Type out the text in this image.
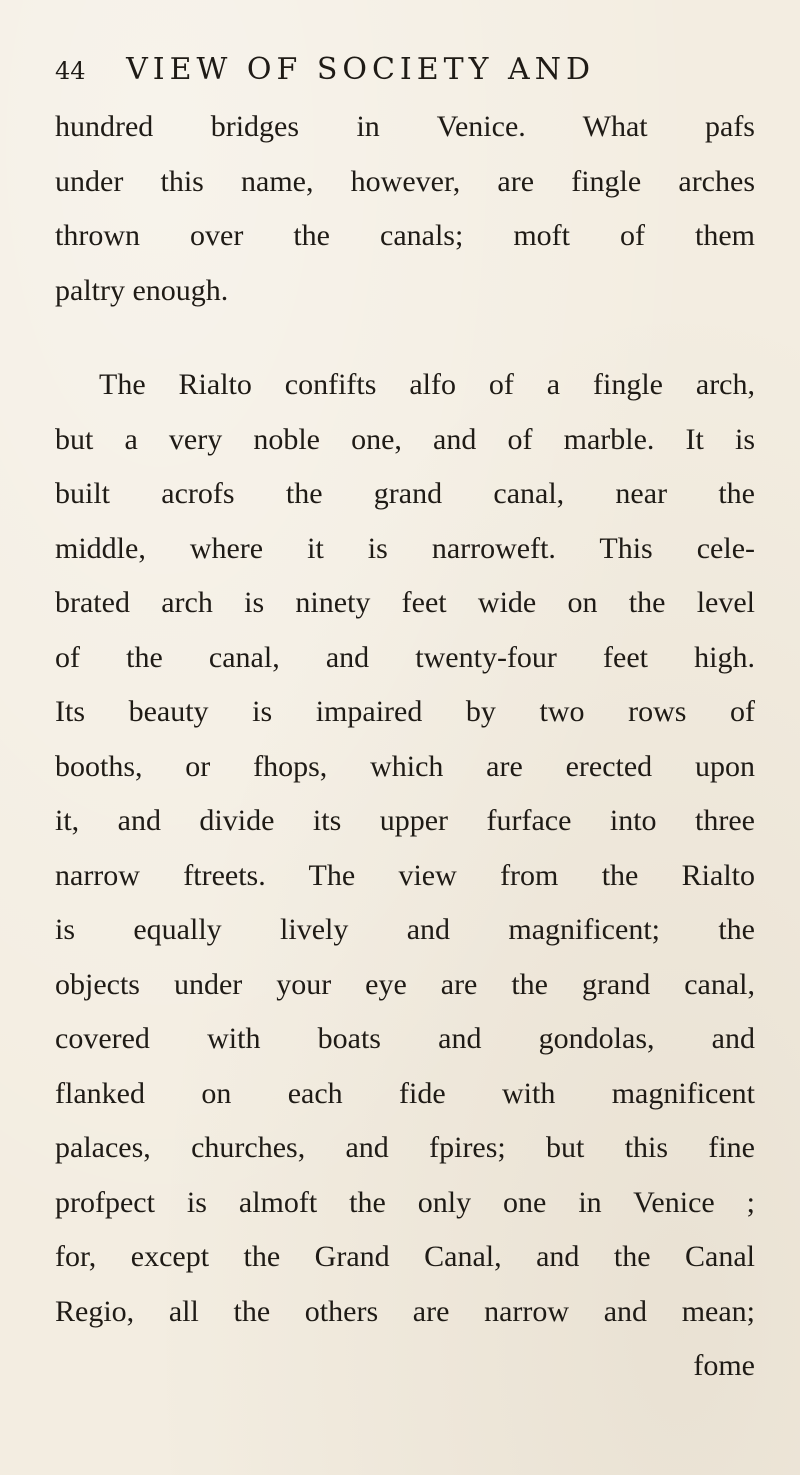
44 VIEW OF SOCIETY AND
hundred bridges in Venice. What pafs
under this name, however, are fingle arches
thrown over the canals; moft of them
paltry enough.
The Rialto confifts alfo of a fingle arch,
but a very noble one, and of marble. It is
built acrofs the grand canal, near the
middle, where it is narroweft. This cele-
brated arch is ninety feet wide on the level
of the canal, and twenty-four feet high.
Its beauty is impaired by two rows of
booths, or fhops, which are erected upon
it, and divide its upper furface into three
narrow ftreets. The view from the Rialto
is equally lively and magnificent; the
objects under your eye are the grand canal,
covered with boats and gondolas, and
flanked on each fide with magnificent
palaces, churches, and fpires; but this fine
profpect is almoft the only one in Venice ;
for, except the Grand Canal, and the Canal
Regio, all the others are narrow and mean;
fome
